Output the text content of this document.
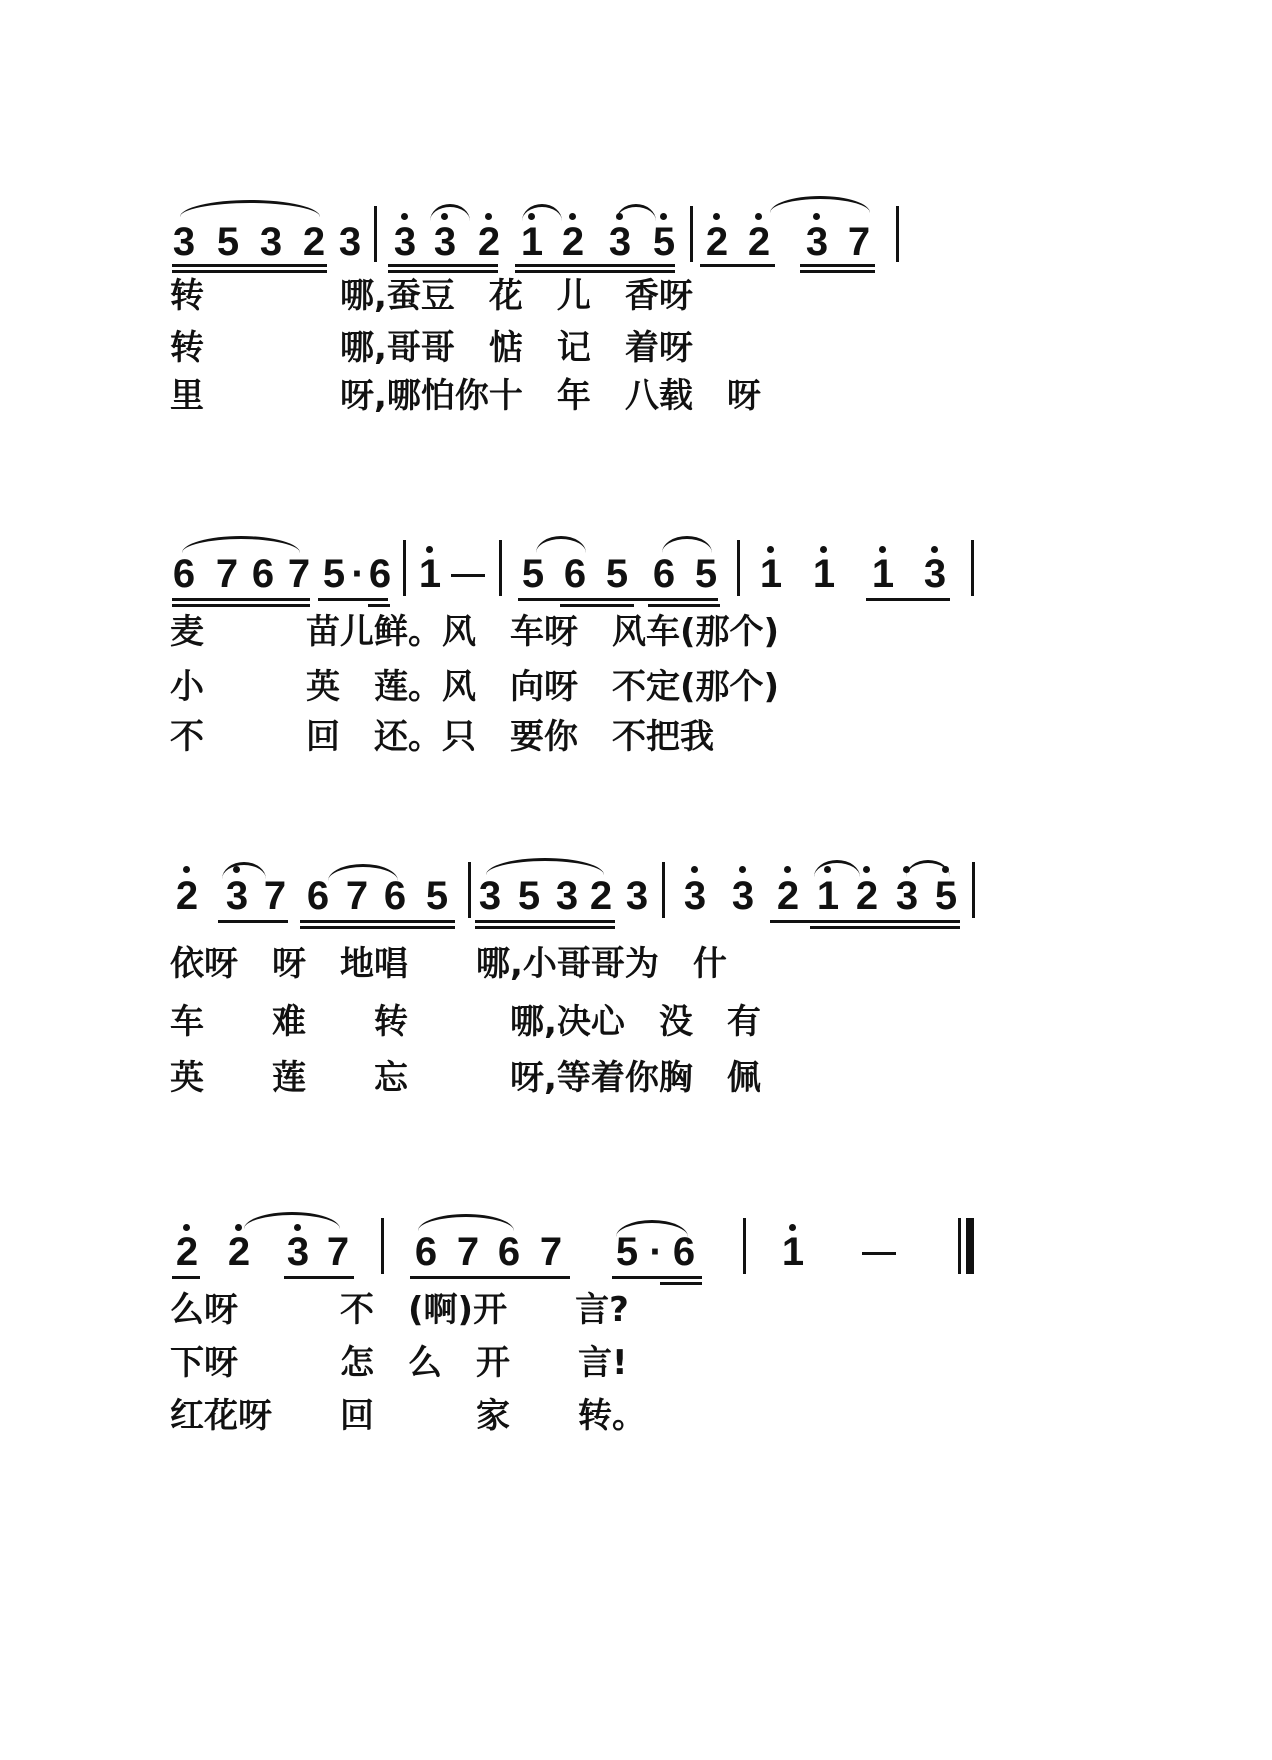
3 5 3 2 3 3 3 2 1 2 3 5 2 2 3 7
转　　　　哪,蚕豆　花　儿　香呀
转　　　　哪,哥哥　惦　记　着呀
里　　　　呀,哪怕你十　年　八载　呀
6 7 6 7 5 · 6 1 5 6 5 6 5 1 1 1 3
麦　　　苗儿鲜。风　车呀　风车(那个)
小　　　英　莲。风　向呀　不定(那个)
不　　　回　还。只　要你　不把我
2 3 7 6 7 6 5 3 5 3 2 3 3 3 2 1 2 3 5
依呀　呀　地唱　　哪,小哥哥为　什
车　　难　　转　　　哪,决心　没　有
英　　莲　　忘　　　呀,等着你胸　佩
2 2 3 7 6 7 6 7 5 · 6 1
么呀　　　不　(啊)开　　言?
下呀　　　怎　么　开　　言!
红花呀　　回　　　家　　转。
